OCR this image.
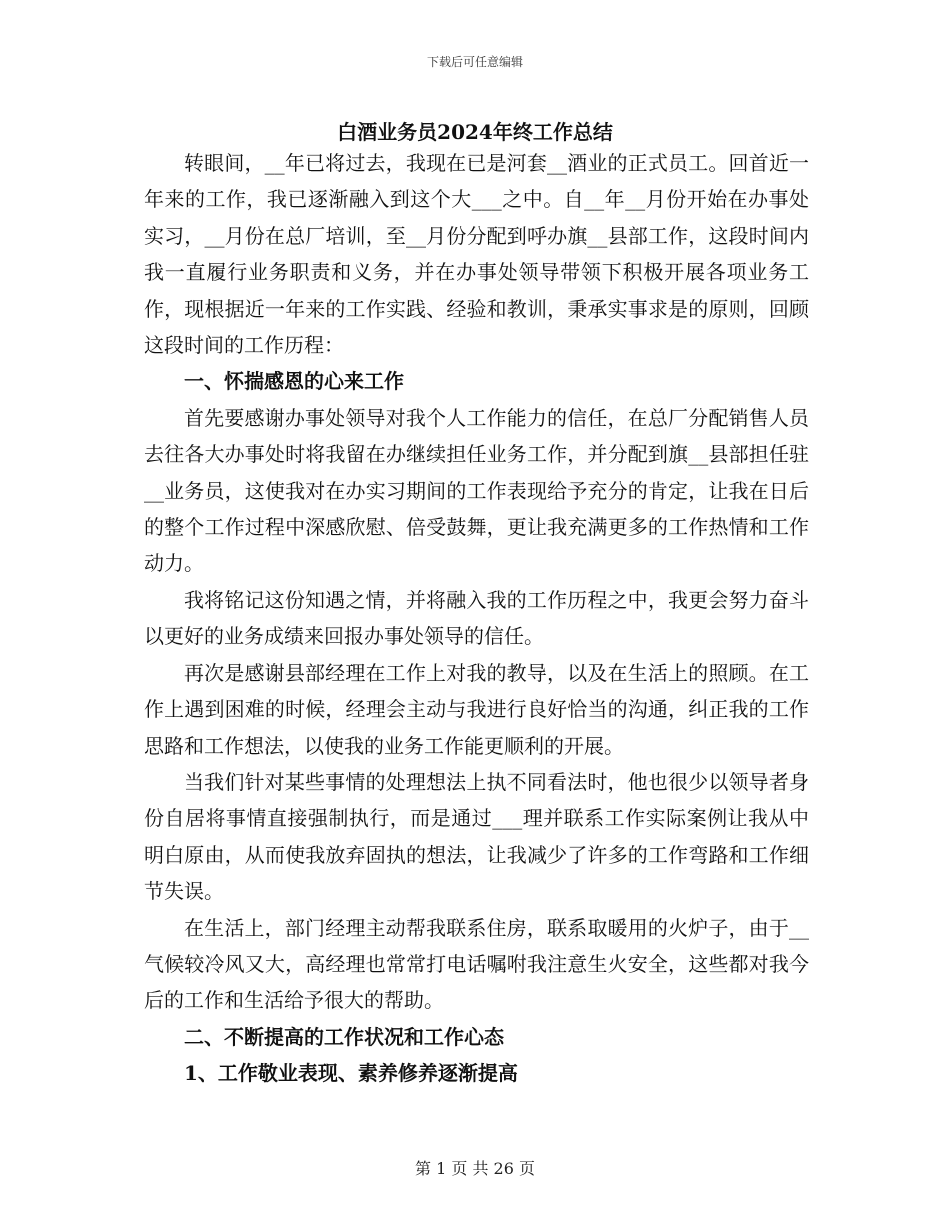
下载后可任意编辑
白酒业务员2024年终工作总结

转眼间，__年已将过去，我现在已是河套__酒业的正式员工。回首近一年来的工作，我已逐渐融入到这个大___之中。自__年__月份开始在办事处实习，__月份在总厂培训，至__月份分配到呼办旗__县部工作，这段时间内我一直履行业务职责和义务，并在办事处领导带领下积极开展各项业务工作，现根据近一年来的工作实践、经验和教训，秉承实事求是的原则，回顾这段时间的工作历程：

一、怀揣感恩的心来工作

首先要感谢办事处领导对我个人工作能力的信任，在总厂分配销售人员去往各大办事处时将我留在办继续担任业务工作，并分配到旗__县部担任驻__业务员，这使我对在办实习期间的工作表现给予充分的肯定，让我在日后的整个工作过程中深感欣慰、倍受鼓舞，更让我充满更多的工作热情和工作动力。

我将铭记这份知遇之情，并将融入我的工作历程之中，我更会努力奋斗以更好的业务成绩来回报办事处领导的信任。

再次是感谢县部经理在工作上对我的教导，以及在生活上的照顾。在工作上遇到困难的时候，经理会主动与我进行良好恰当的沟通，纠正我的工作思路和工作想法，以使我的业务工作能更顺利的开展。

当我们针对某些事情的处理想法上执不同看法时，他也很少以领导者身份自居将事情直接强制执行，而是通过___理并联系工作实际案例让我从中明白原由，从而使我放弃固执的想法，让我减少了许多的工作弯路和工作细节失误。

在生活上，部门经理主动帮我联系住房，联系取暖用的火炉子，由于__气候较冷风又大，高经理也常常打电话嘱咐我注意生火安全，这些都对我今后的工作和生活给予很大的帮助。

二、不断提高的工作状况和工作心态

1、工作敬业表现、素养修养逐渐提高

第 1 页 共 26 页
